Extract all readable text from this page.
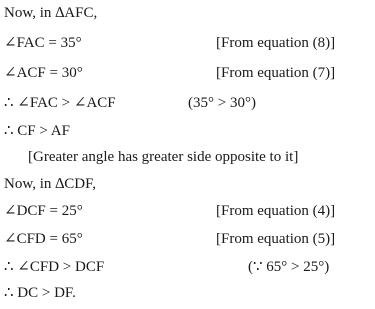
Now, in ∆AFC,
∠FAC = 35°	[From equation (8)]
∠ACF = 30°	[From equation (7)]
∴ ∠FAC > ∠ACF	(35° > 30°)
∴ CF > AF
[Greater angle has greater side opposite to it]
Now, in ∆CDF,
∠DCF = 25°	[From equation (4)]
∠CFD = 65°	[From equation (5)]
∴ ∠CFD > DCF	(∵ 65° > 25°)
∴ DC > DF.
